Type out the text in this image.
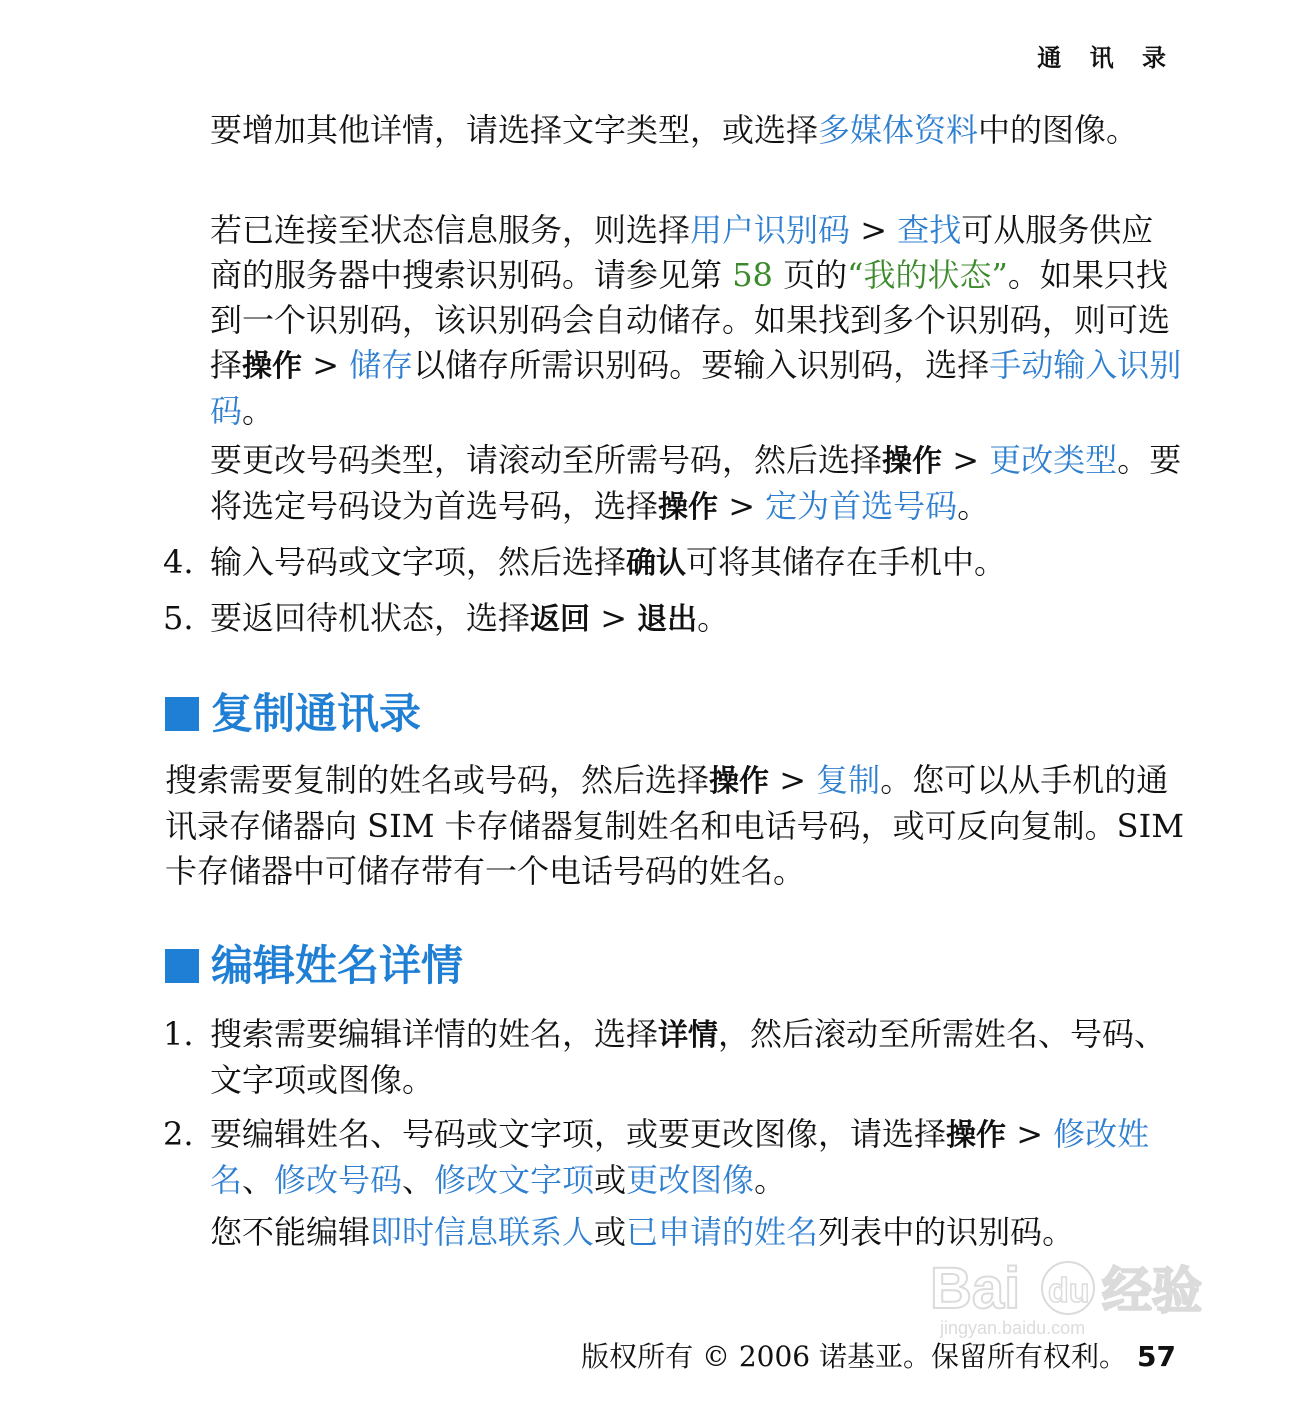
通 讯 录

要增加其他详情，请选择文字类型，或选择多媒体资料中的图像。

若已连接至状态信息服务，则选择用户识别码 > 查找可从服务供应商的服务器中搜索识别码。请参见第 58 页的“我的状态”。如果只找到一个识别码，该识别码会自动储存。如果找到多个识别码，则可选择操作 > 储存以储存所需识别码。要输入识别码，选择手动输入识别码。

要更改号码类型，请滚动至所需号码，然后选择操作 > 更改类型。要将选定号码设为首选号码，选择操作 > 定为首选号码。

4. 输入号码或文字项，然后选择确认可将其储存在手机中。

5. 要返回待机状态，选择返回 > 退出。

复制通讯录

搜索需要复制的姓名或号码，然后选择操作 > 复制。您可以从手机的通讯录存储器向 SIM 卡存储器复制姓名和电话号码，或可反向复制。SIM 卡存储器中可储存带有一个电话号码的姓名。

编辑姓名详情
1. 搜索需要编辑详情的姓名，选择详情，然后滚动至所需姓名、号码、文字项或图像。

2. 要编辑姓名、号码或文字项，或要更改图像，请选择操作 > 修改姓名、修改号码、修改文字项或更改图像。

您不能编辑即时信息联系人或已申请的姓名列表中的识别码。

Bai du 经验
jingyan.baidu.com
版权所有 © 2006 诺基亚。保留所有权利。 57
